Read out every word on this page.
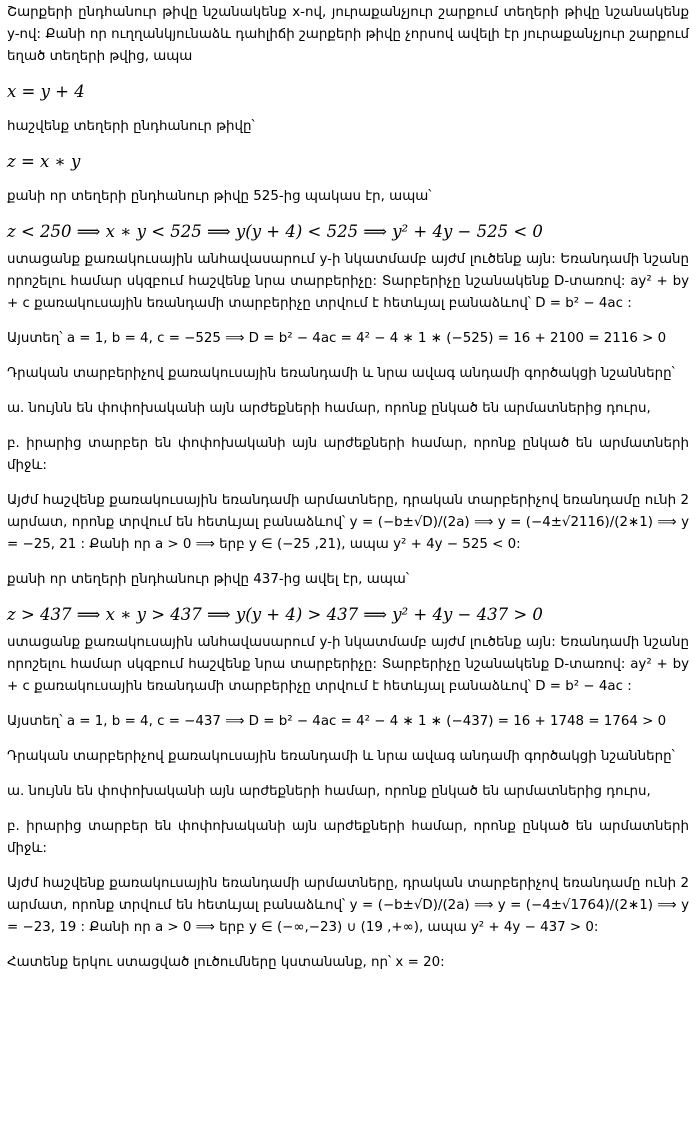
Շարքերի ընդհանուր թիվը նշանակենք x-ով, յուրաքանչյուր շարքում տեղերի թիվը նշանակենք y-ով: Քանի որ ուղղանկյունաձև դահլիճի շարքերի թիվը չորսով ավելի էր յուրաքանչյուր շարքում եղած տեղերի թվից, ապա

x = y + 4

հաշվենք տեղերի ընդհանուր թիվը՝

z = x ∗ y

քանի որ տեղերի ընդհանուր թիվը 525-ից պակաս էր, ապա՝

z < 250 ⟹ x ∗ y < 525 ⟹ y(y + 4) < 525 ⟹ y² + 4y − 525 < 0

ստացանք քառակուսային անհավասարում y-ի նկատմամբ այժմ լուծենք այն: Եռանդամի նշանը որոշելու համար սկզբում հաշվենք նրա տարբերիչը: Տարբերիչը նշանակենք D-տառով: ay² + by + c քառակուսային եռանդամի տարբերիչը տրվում է հետևյալ բանաձևով՝ D = b² − 4ac :

Այստեղ՝ a = 1, b = 4, c = −525 ⟹ D = b² − 4ac = 4² − 4 ∗ 1 ∗ (−525) = 16 + 2100 = 2116 > 0

Դրական տարբերիչով քառակուսային եռանդամի և նրա ավագ անդամի գործակցի նշանները՝

ա. նույնն են փոփոխականի այն արժեքների համար, որոնք ընկած են արմատներից դուրս,

բ. իրարից տարբեր են փոփոխականի այն արժեքների համար, որոնք ընկած են արմատների միջև:

Այժմ հաշվենք քառակուսային եռանդամի արմատները, դրական տարբերիչով եռանդամը ունի 2 արմատ, որոնք տրվում են հետևյալ բանաձևով՝ y = (−b±√D)/(2a) ⟹ y = (−4±√2116)/(2∗1) ⟹ y = −25, 21 : Քանի որ a > 0 ⟹ երբ y ∈ (−25 ,21), ապա y² + 4y − 525 < 0:

քանի որ տեղերի ընդհանուր թիվը 437-ից ավել էր, ապա՝

z > 437 ⟹ x ∗ y > 437 ⟹ y(y + 4) > 437 ⟹ y² + 4y − 437 > 0

ստացանք քառակուսային անհավասարում y-ի նկատմամբ այժմ լուծենք այն: Եռանդամի նշանը որոշելու համար սկզբում հաշվենք նրա տարբերիչը: Տարբերիչը նշանակենք D-տառով: ay² + by + c քառակուսային եռանդամի տարբերիչը տրվում է հետևյալ բանաձևով՝ D = b² − 4ac :

Այստեղ՝ a = 1, b = 4, c = −437 ⟹ D = b² − 4ac = 4² − 4 ∗ 1 ∗ (−437) = 16 + 1748 = 1764 > 0

Դրական տարբերիչով քառակուսային եռանդամի և նրա ավագ անդամի գործակցի նշանները՝

ա. նույնն են փոփոխականի այն արժեքների համար, որոնք ընկած են արմատներից դուրս,

բ. իրարից տարբեր են փոփոխականի այն արժեքների համար, որոնք ընկած են արմատների միջև:

Այժմ հաշվենք քառակուսային եռանդամի արմատները, դրական տարբերիչով եռանդամը ունի 2 արմատ, որոնք տրվում են հետևյալ բանաձևով՝ y = (−b±√D)/(2a) ⟹ y = (−4±√1764)/(2∗1) ⟹ y = −23, 19 : Քանի որ a > 0 ⟹ երբ y ∈ (−∞,−23) ∪ (19 ,+∞), ապա y² + 4y − 437 > 0:

Հատենք երկու ստացված լուծումները կստանանք, որ՝ x = 20:
